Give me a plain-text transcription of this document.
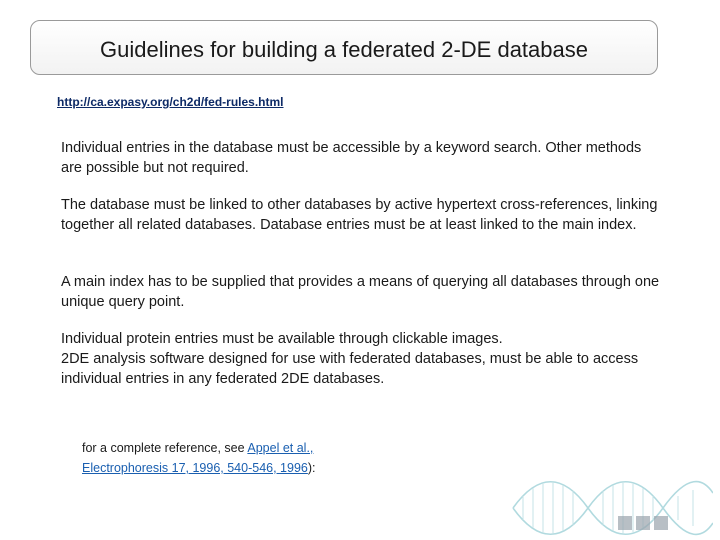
Guidelines for building a federated 2-DE database
http://ca.expasy.org/ch2d/fed-rules.html

Individual entries in the database must be accessible by a keyword search. Other methods are possible but not required.

The database must be linked to other databases by active hypertext cross-references, linking together all related databases. Database entries must be at least linked to the main index.

A main index has to be supplied that provides a means of querying all databases through one unique query point.

Individual protein entries must be available through clickable images.
2DE analysis software designed for use with federated databases, must be able to access individual entries in any federated 2DE databases.

for a complete reference, see Appel et al.,
Electrophoresis 17, 1996, 540-546, 1996):
